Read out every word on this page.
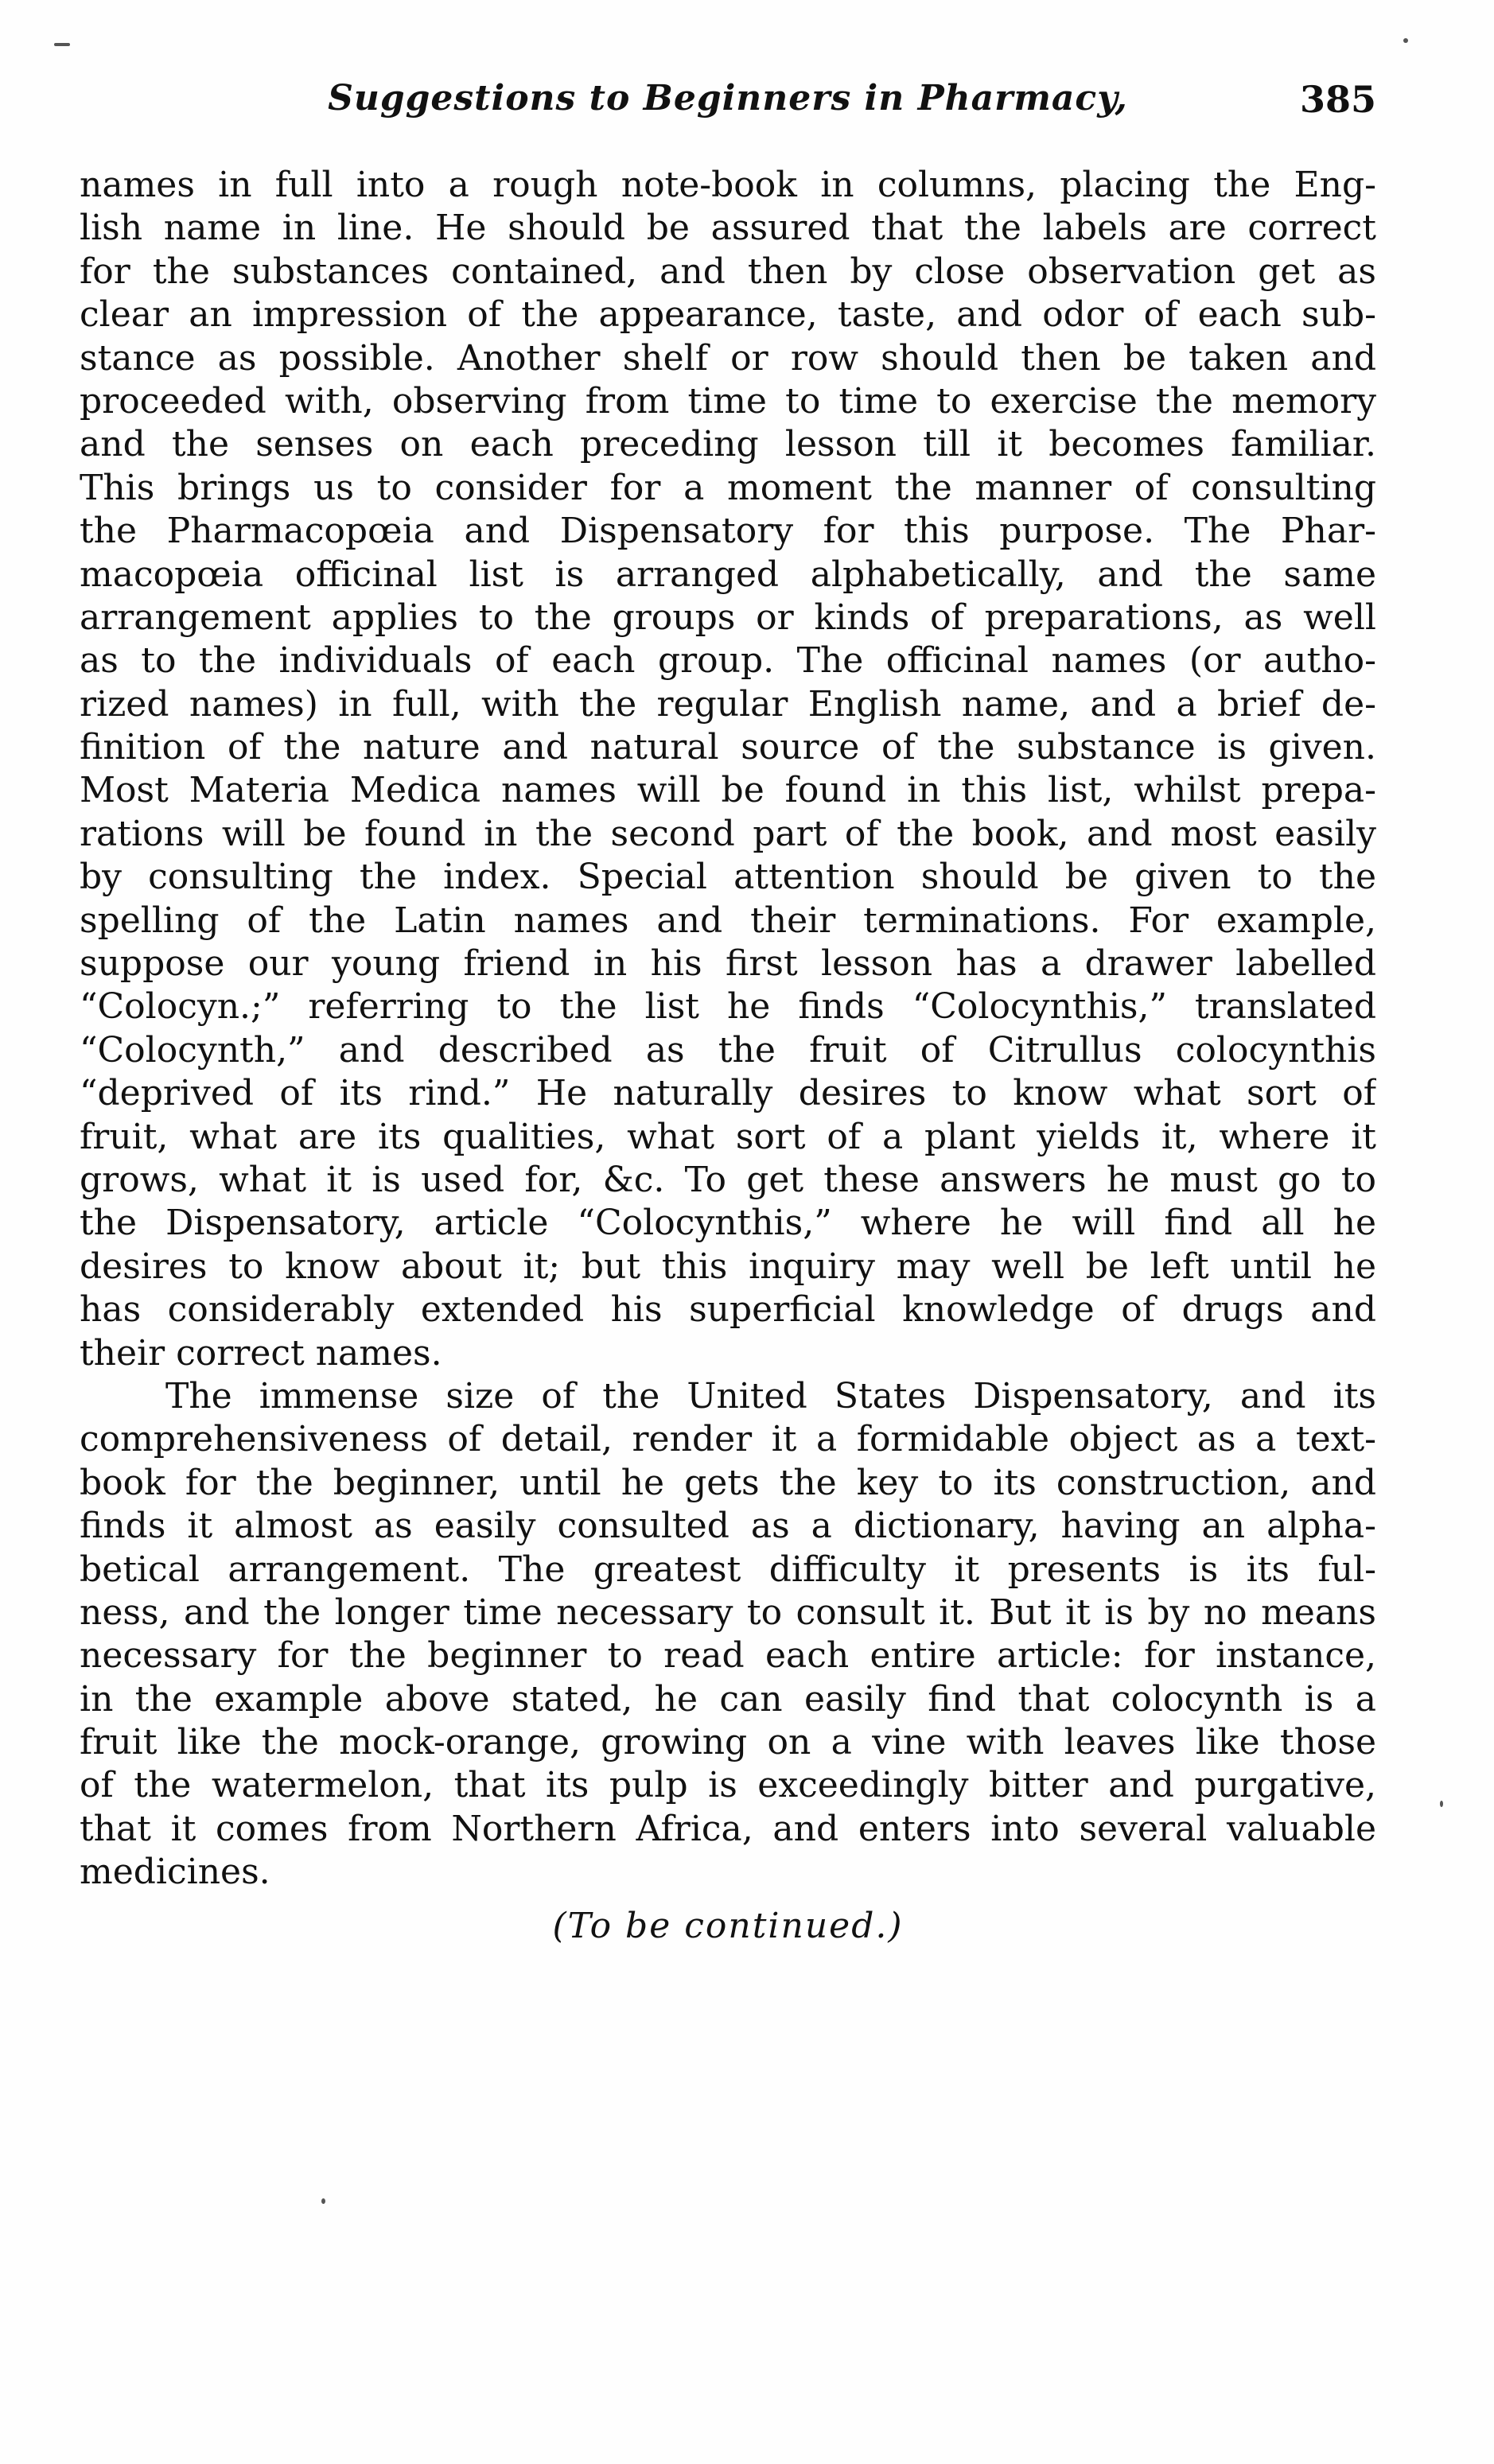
Suggestions to Beginners in Pharmacy,	385
names in full into a rough note-book in columns, placing the Eng-
lish name in line. He should be assured that the labels are correct
for the substances contained, and then by close observation get as
clear an impression of the appearance, taste, and odor of each sub-
stance as possible. Another shelf or row should then be taken and
proceeded with, observing from time to time to exercise the memory
and the senses on each preceding lesson till it becomes familiar.
This brings us to consider for a moment the manner of consulting
the Pharmacopœia and Dispensatory for this purpose. The Phar-
macopœia officinal list is arranged alphabetically, and the same
arrangement applies to the groups or kinds of preparations, as well
as to the individuals of each group. The officinal names (or autho-
rized names) in full, with the regular English name, and a brief de-
finition of the nature and natural source of the substance is given.
Most Materia Medica names will be found in this list, whilst prepa-
rations will be found in the second part of the book, and most easily
by consulting the index. Special attention should be given to the
spelling of the Latin names and their terminations. For example,
suppose our young friend in his first lesson has a drawer labelled
“Colocyn.;” referring to the list he finds “Colocynthis,” translated
“Colocynth,” and described as the fruit of Citrullus colocynthis
“deprived of its rind.” He naturally desires to know what sort of
fruit, what are its qualities, what sort of a plant yields it, where it
grows, what it is used for, &c. To get these answers he must go to
the Dispensatory, article “Colocynthis,” where he will find all he
desires to know about it; but this inquiry may well be left until he
has considerably extended his superficial knowledge of drugs and
their correct names.
The immense size of the United States Dispensatory, and its
comprehensiveness of detail, render it a formidable object as a text-
book for the beginner, until he gets the key to its construction, and
finds it almost as easily consulted as a dictionary, having an alpha-
betical arrangement. The greatest difficulty it presents is its ful-
ness, and the longer time necessary to consult it. But it is by no means
necessary for the beginner to read each entire article: for instance,
in the example above stated, he can easily find that colocynth is a
fruit like the mock-orange, growing on a vine with leaves like those
of the watermelon, that its pulp is exceedingly bitter and purgative,
that it comes from Northern Africa, and enters into several valuable
medicines.
(To be continued.)
